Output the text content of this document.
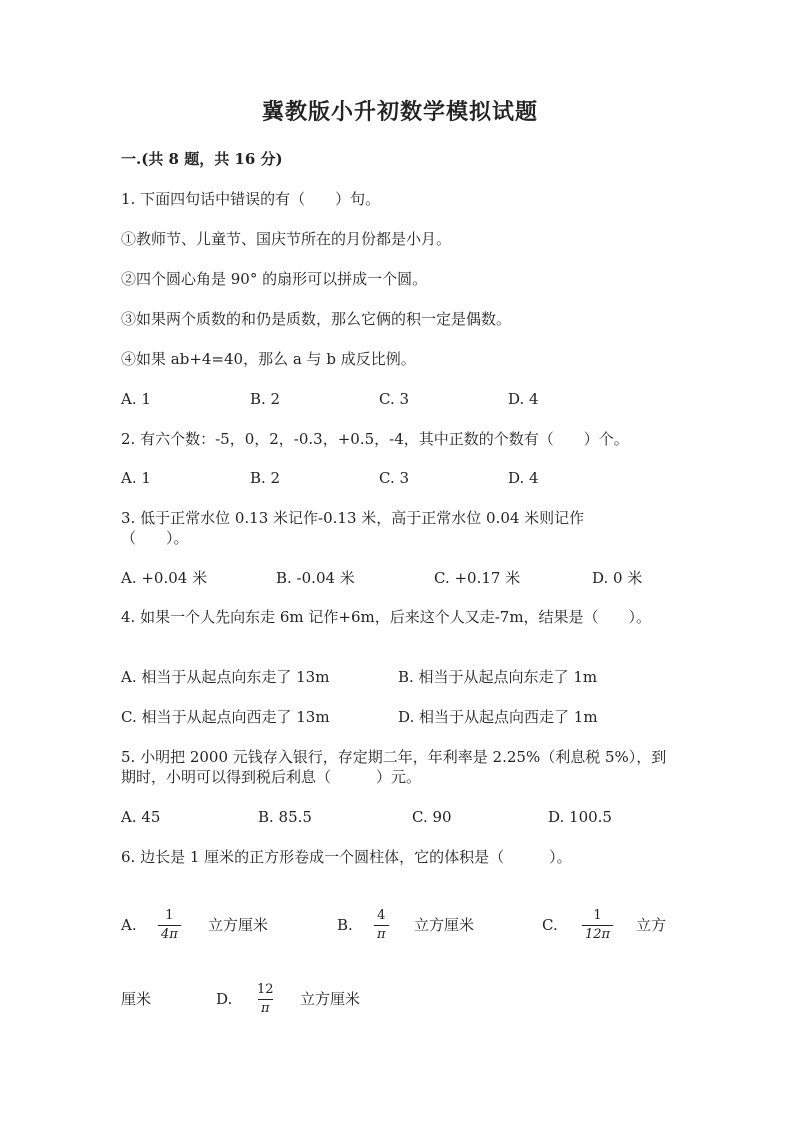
冀教版小升初数学模拟试题
一.(共 8 题，共 16 分)
1. 下面四句话中错误的有（　　）句。
①教师节、儿童节、国庆节所在的月份都是小月。
②四个圆心角是 90° 的扇形可以拼成一个圆。
③如果两个质数的和仍是质数，那么它俩的积一定是偶数。
④如果 ab+4=40，那么 a 与 b 成反比例。
A. 1	B. 2	C. 3	D. 4
2. 有六个数：-5，0，2，-0.3，+0.5，-4，其中正数的个数有（　　）个。
A. 1	B. 2	C. 3	D. 4
3. 低于正常水位 0.13 米记作-0.13 米，高于正常水位 0.04 米则记作
（　　）。
A. +0.04 米	B. -0.04 米	C. +0.17 米	D. 0 米
4. 如果一个人先向东走 6m 记作+6m，后来这个人又走-7m，结果是（　　）。
A. 相当于从起点向东走了 13m	B. 相当于从起点向东走了 1m
C. 相当于从起点向西走了 13m	D. 相当于从起点向西走了 1m
5. 小明把 2000 元钱存入银行，存定期二年，年利率是 2.25%（利息税 5%），到
期时，小明可以得到税后利息（　　　）元。
A. 45	B. 85.5	C. 90	D. 100.5
6. 边长是 1 厘米的正方形卷成一个圆柱体，它的体积是（　　　）。
A. $\frac{1}{4\pi}$ 立方厘米	B. $\frac{4}{\pi}$ 立方厘米	C. $\frac{1}{12\pi}$ 立方
厘米	D. $\frac{12}{\pi}$ 立方厘米
